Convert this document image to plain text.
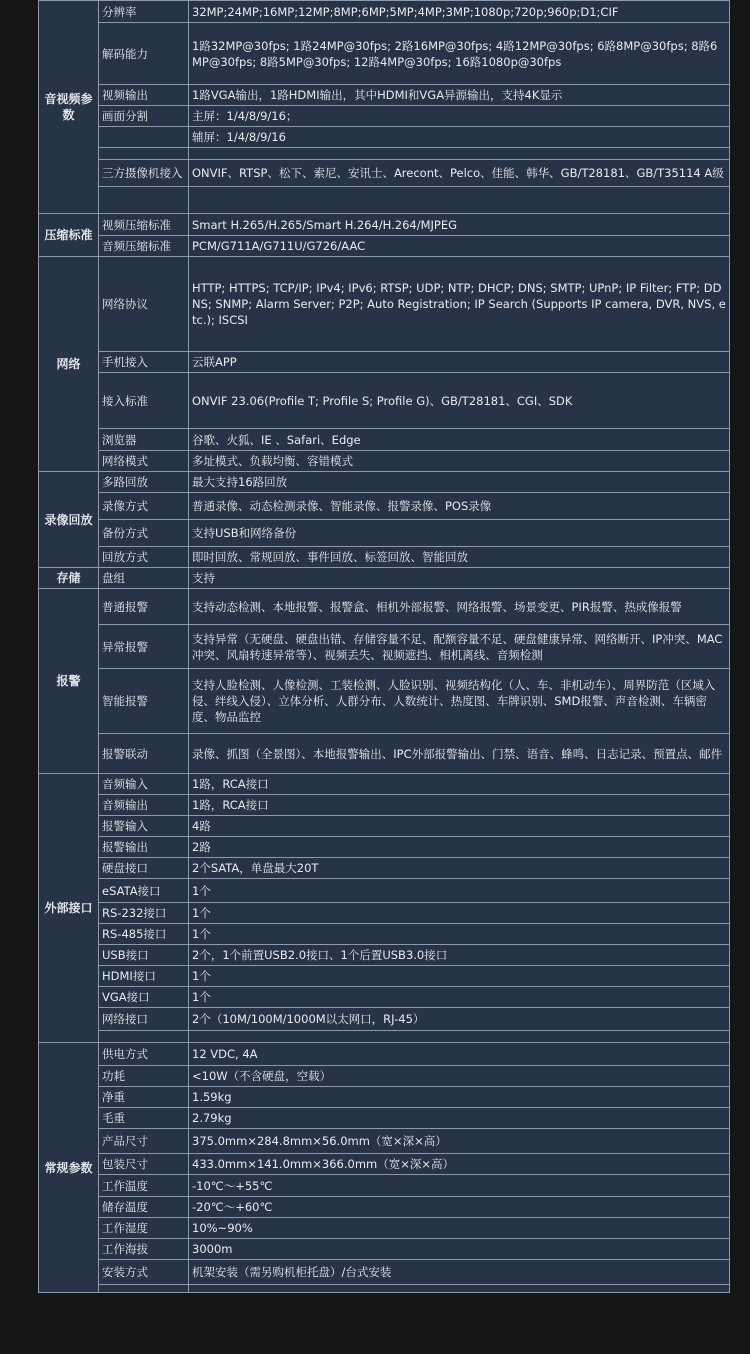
音视频参数	分辨率	32MP;24MP;16MP;12MP;8MP;6MP;5MP;4MP;3MP;1080p;720p;960p;D1;CIF
	解码能力	1路32MP@30fps; 1路24MP@30fps; 2路16MP@30fps; 4路12MP@30fps; 6路8MP@30fps; 8路6MP@30fps; 8路5MP@30fps; 12路4MP@30fps; 16路1080p@30fps
	视频输出	1路VGA输出，1路HDMI输出，其中HDMI和VGA异源输出，支持4K显示
	画面分割	主屏：1/4/8/9/16；
		辅屏：1/4/8/9/16

	三方摄像机接入	ONVIF、RTSP、松下、索尼、安讯士、Arecont、Pelco、佳能、韩华、GB/T28181、GB/T35114 A级

压缩标准	视频压缩标准	Smart H.265/H.265/Smart H.264/H.264/MJPEG
	音频压缩标准	PCM/G711A/G711U/G726/AAC
网络	网络协议	HTTP; HTTPS; TCP/IP; IPv4; IPv6; RTSP; UDP; NTP; DHCP; DNS; SMTP; UPnP; IP Filter; FTP; DDNS; SNMP; Alarm Server; P2P; Auto Registration; IP Search (Supports IP camera, DVR, NVS, etc.); ISCSI
	手机接入	云联APP
	接入标准	ONVIF 23.06(Profile T; Profile S; Profile G)、GB/T28181、CGI、SDK
	浏览器	谷歌、火狐、IE 、Safari、Edge
	网络模式	多址模式、负载均衡、容错模式
录像回放	多路回放	最大支持16路回放
	录像方式	普通录像、动态检测录像、智能录像、报警录像、POS录像
	备份方式	支持USB和网络备份
	回放方式	即时回放、常规回放、事件回放、标签回放、智能回放
存储	盘组	支持
报警	普通报警	支持动态检测、本地报警、报警盒、相机外部报警、网络报警、场景变更、PIR报警、热成像报警
	异常报警	支持异常（无硬盘、硬盘出错、存储容量不足、配额容量不足、硬盘健康异常、网络断开、IP冲突、MAC冲突、风扇转速异常等）、视频丢失、视频遮挡、相机离线、音频检测
	智能报警	支持人脸检测、人像检测、工装检测、人脸识别、视频结构化（人、车、非机动车）、周界防范（区域入侵、绊线入侵）、立体分析、人群分布、人数统计、热度图、车牌识别、SMD报警、声音检测、车辆密度、物品监控
	报警联动	录像、抓图（全景图）、本地报警输出、IPC外部报警输出、门禁、语音、蜂鸣、日志记录、预置点、邮件
外部接口	音频输入	1路，RCA接口
	音频输出	1路，RCA接口
	报警输入	4路
	报警输出	2路
	硬盘接口	2个SATA，单盘最大20T
	eSATA接口	1个
	RS-232接口	1个
	RS-485接口	1个
	USB接口	2个，1个前置USB2.0接口、1个后置USB3.0接口
	HDMI接口	1个
	VGA接口	1个
	网络接口	2个（10M/100M/1000M以太网口，RJ-45）

常规参数	供电方式	12 VDC, 4A
	功耗	<10W（不含硬盘，空载）
	净重	1.59kg
	毛重	2.79kg
	产品尺寸	375.0mm×284.8mm×56.0mm（宽×深×高）
	包装尺寸	433.0mm×141.0mm×366.0mm（宽×深×高）
	工作温度	-10℃～+55℃
	储存温度	-20℃～+60℃
	工作湿度	10%~90%
	工作海拔	3000m
	安装方式	机架安装（需另购机柜托盘）/台式安装
